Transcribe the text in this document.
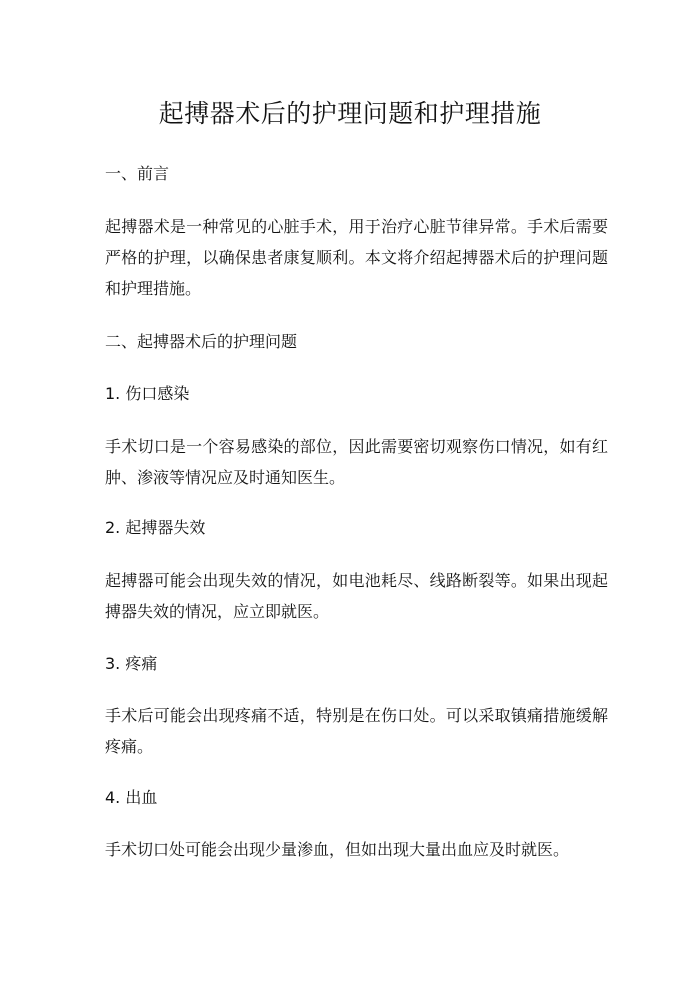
起搏器术后的护理问题和护理措施

一、前言

起搏器术是一种常见的心脏手术，用于治疗心脏节律异常。手术后需要严格的护理，以确保患者康复顺利。本文将介绍起搏器术后的护理问题和护理措施。

二、起搏器术后的护理问题

1. 伤口感染

手术切口是一个容易感染的部位，因此需要密切观察伤口情况，如有红肿、渗液等情况应及时通知医生。

2. 起搏器失效

起搏器可能会出现失效的情况，如电池耗尽、线路断裂等。如果出现起搏器失效的情况，应立即就医。

3. 疼痛

手术后可能会出现疼痛不适，特别是在伤口处。可以采取镇痛措施缓解疼痛。

4. 出血

手术切口处可能会出现少量渗血，但如出现大量出血应及时就医。
